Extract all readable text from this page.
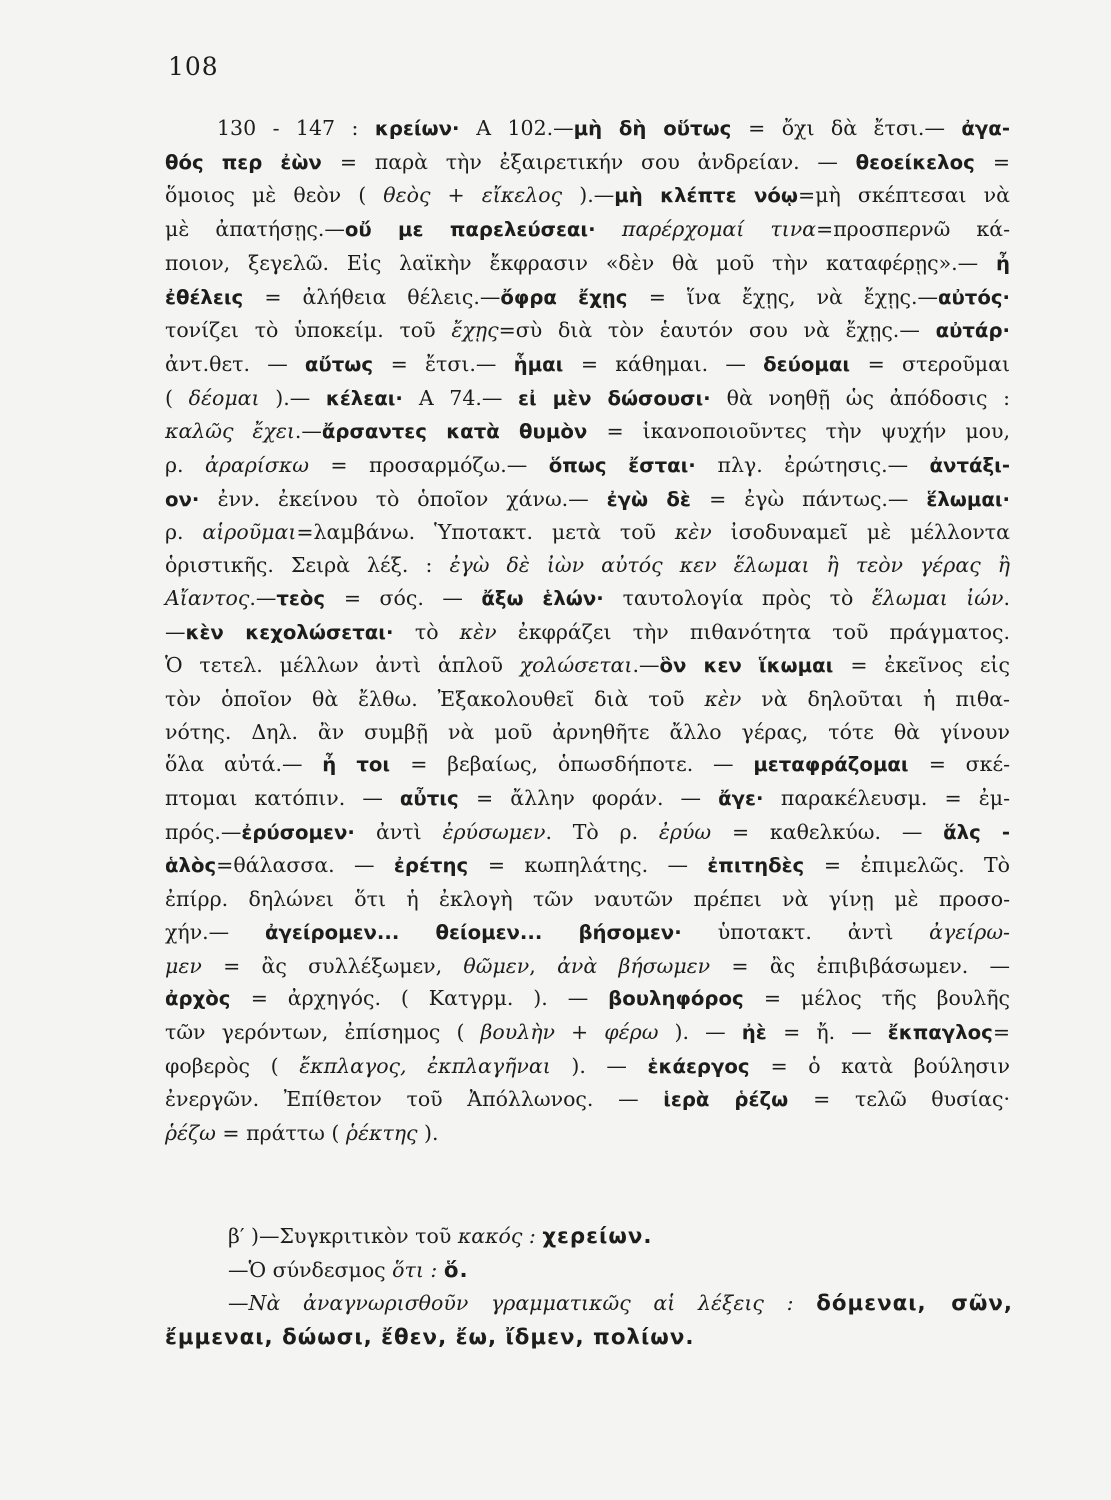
108
130 - 147 : κρείων· Α 102.—μὴ δὴ οὕτως = ὄχι δὰ ἔτσι.— ἀγα-
θός περ ἐὼν = παρὰ τὴν ἐξαιρετικήν σου ἀνδρείαν. — θεοείκελος =
ὅμοιος μὲ θεὸν ( θεὸς + εἴκελος ).—μὴ κλέπτε νόῳ=μὴ σκέπτεσαι νὰ
μὲ ἀπατήσῃς.—οὔ με παρελεύσεαι· παρέρχομαί τινα=προσπερνῶ κά-
ποιον, ξεγελῶ. Εἰς λαϊκὴν ἔκφρασιν «δὲν θὰ μοῦ τὴν καταφέρῃς».— ἦ
ἐθέλεις = ἀλήθεια θέλεις.—ὄφρα ἔχῃς = ἵνα ἔχῃς, νὰ ἔχῃς.—αὐτός·
τονίζει τὸ ὑποκείμ. τοῦ ἔχῃς=σὺ διὰ τὸν ἑαυτόν σου νὰ ἔχῃς.— αὐτάρ·
ἀντ.θετ. — αὔτως = ἔτσι.— ἧμαι = κάθημαι. — δεύομαι = στεροῦμαι
( δέομαι ).— κέλεαι· Α 74.— εἰ μὲν δώσουσι· θὰ νοηθῇ ὡς ἀπόδοσις :
καλῶς ἔχει.—ἄρσαντες κατὰ θυμὸν = ἱκανοποιοῦντες τὴν ψυχήν μου,
ρ. ἀραρίσκω = προσαρμόζω.— ὅπως ἔσται· πλγ. ἐρώτησις.— ἀντάξι-
ον· ἐνν. ἐκείνου τὸ ὁποῖον χάνω.— ἐγὼ δὲ = ἐγὼ πάντως.— ἕλωμαι·
ρ. αἱροῦμαι=λαμβάνω. Ὑποτακτ. μετὰ τοῦ κὲν ἰσοδυναμεῖ μὲ μέλλοντα
ὁριστικῆς. Σειρὰ λέξ. : ἐγὼ δὲ ἰὼν αὐτός κεν ἕλωμαι ἢ τεὸν γέρας ἢ
Αἴαντος.—τεὸς = σός. — ἄξω ἑλών· ταυτολογία πρὸς τὸ ἕλωμαι ἰών.
—κὲν κεχολώσεται· τὸ κὲν ἐκφράζει τὴν πιθανότητα τοῦ πράγματος.
Ὁ τετελ. μέλλων ἀντὶ ἁπλοῦ χολώσεται.—ὃν κεν ἵκωμαι = ἐκεῖνος εἰς
τὸν ὁποῖον θὰ ἔλθω. Ἐξακολουθεῖ διὰ τοῦ κὲν νὰ δηλοῦται ἡ πιθα-
νότης. Δηλ. ἂν συμβῇ νὰ μοῦ ἀρνηθῆτε ἄλλο γέρας, τότε θὰ γίνουν
ὅλα αὐτά.— ἦ τοι = βεβαίως, ὁπωσδήποτε. — μεταφράζομαι = σκέ-
πτομαι κατόπιν. — αὖτις = ἄλλην φοράν. — ἄγε· παρακέλευσμ. = ἐμ-
πρός.—ἐρύσομεν· ἀντὶ ἐρύσωμεν. Τὸ ρ. ἐρύω = καθελκύω. — ἅλς -
ἁλὸς=θάλασσα. — ἐρέτης = κωπηλάτης. — ἐπιτηδὲς = ἐπιμελῶς. Τὸ
ἐπίρρ. δηλώνει ὅτι ἡ ἐκλογὴ τῶν ναυτῶν πρέπει νὰ γίνῃ μὲ προσο-
χήν.— ἀγείρομεν... θείομεν... βήσομεν· ὑποτακτ. ἀντὶ ἀγείρω-
μεν = ἂς συλλέξωμεν, θῶμεν, ἀνὰ βήσωμεν = ἂς ἐπιβιβάσωμεν. —
ἀρχὸς = ἀρχηγός. ( Κατγρμ. ). — βουληφόρος = μέλος τῆς βουλῆς
τῶν γερόντων, ἐπίσημος ( βουλὴν + φέρω ). — ἠὲ = ἤ. — ἔκπαγλος=
φοβερὸς ( ἔκπλαγος, ἐκπλαγῆναι ). — ἑκάεργος = ὁ κατὰ βούλησιν
ἐνεργῶν. Ἐπίθετον τοῦ Ἀπόλλωνος. — ἱερὰ ῥέζω = τελῶ θυσίας·
ῥέζω = πράττω ( ῥέκτης ).
β′ )—Συγκριτικὸν τοῦ κακός : χερείων.
—Ὁ σύνδεσμος ὅτι : ὅ.
—Νὰ ἀναγνωρισθοῦν γραμματικῶς αἱ λέξεις : δόμεναι, σῶν,
ἔμμεναι, δώωσι, ἔθεν, ἔω, ἴδμεν, πολίων.
